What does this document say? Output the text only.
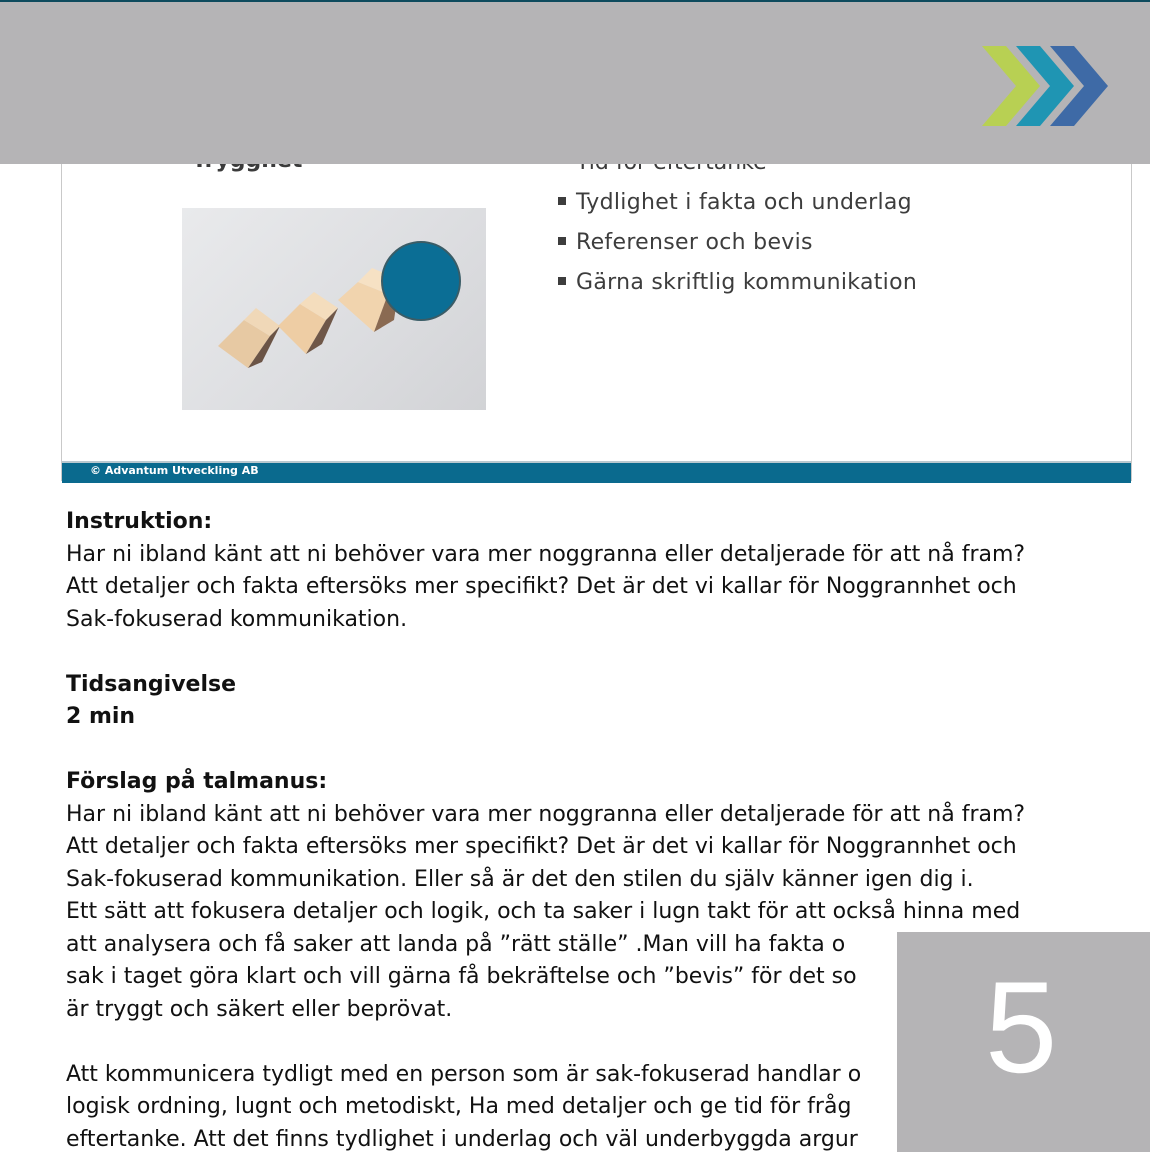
Tydlighet i fakta och underlag
Referenser och bevis
Gärna skriftlig kommunikation
© Advantum Utveckling AB

Instruktion:

Har ni ibland känt att ni behöver vara mer noggranna eller detaljerade för att nå fram?

Att detaljer och fakta eftersöks mer specifikt? Det är det vi kallar för Noggrannhet och

Sak-fokuserad kommunikation.

Tidsangivelse

2 min

Förslag på talmanus:

Har ni ibland känt att ni behöver vara mer noggranna eller detaljerade för att nå fram?

Att detaljer och fakta eftersöks mer specifikt? Det är det vi kallar för Noggrannhet och

Sak-fokuserad kommunikation. Eller så är det den stilen du själv känner igen dig i.

Ett sätt att fokusera detaljer och logik, och ta saker i lugn takt för att också hinna med

att analysera och få saker att landa på ”rätt ställe” .Man vill ha fakta o

sak i taget göra klart och vill gärna få bekräftelse och ”bevis” för det so

är tryggt och säkert eller beprövat.

Att kommunicera tydligt med en person som är sak-fokuserad handlar o

logisk ordning, lugnt och metodiskt, Ha med detaljer och ge tid för fråg

eftertanke. Att det finns tydlighet i underlag och väl underbyggda argur

5
